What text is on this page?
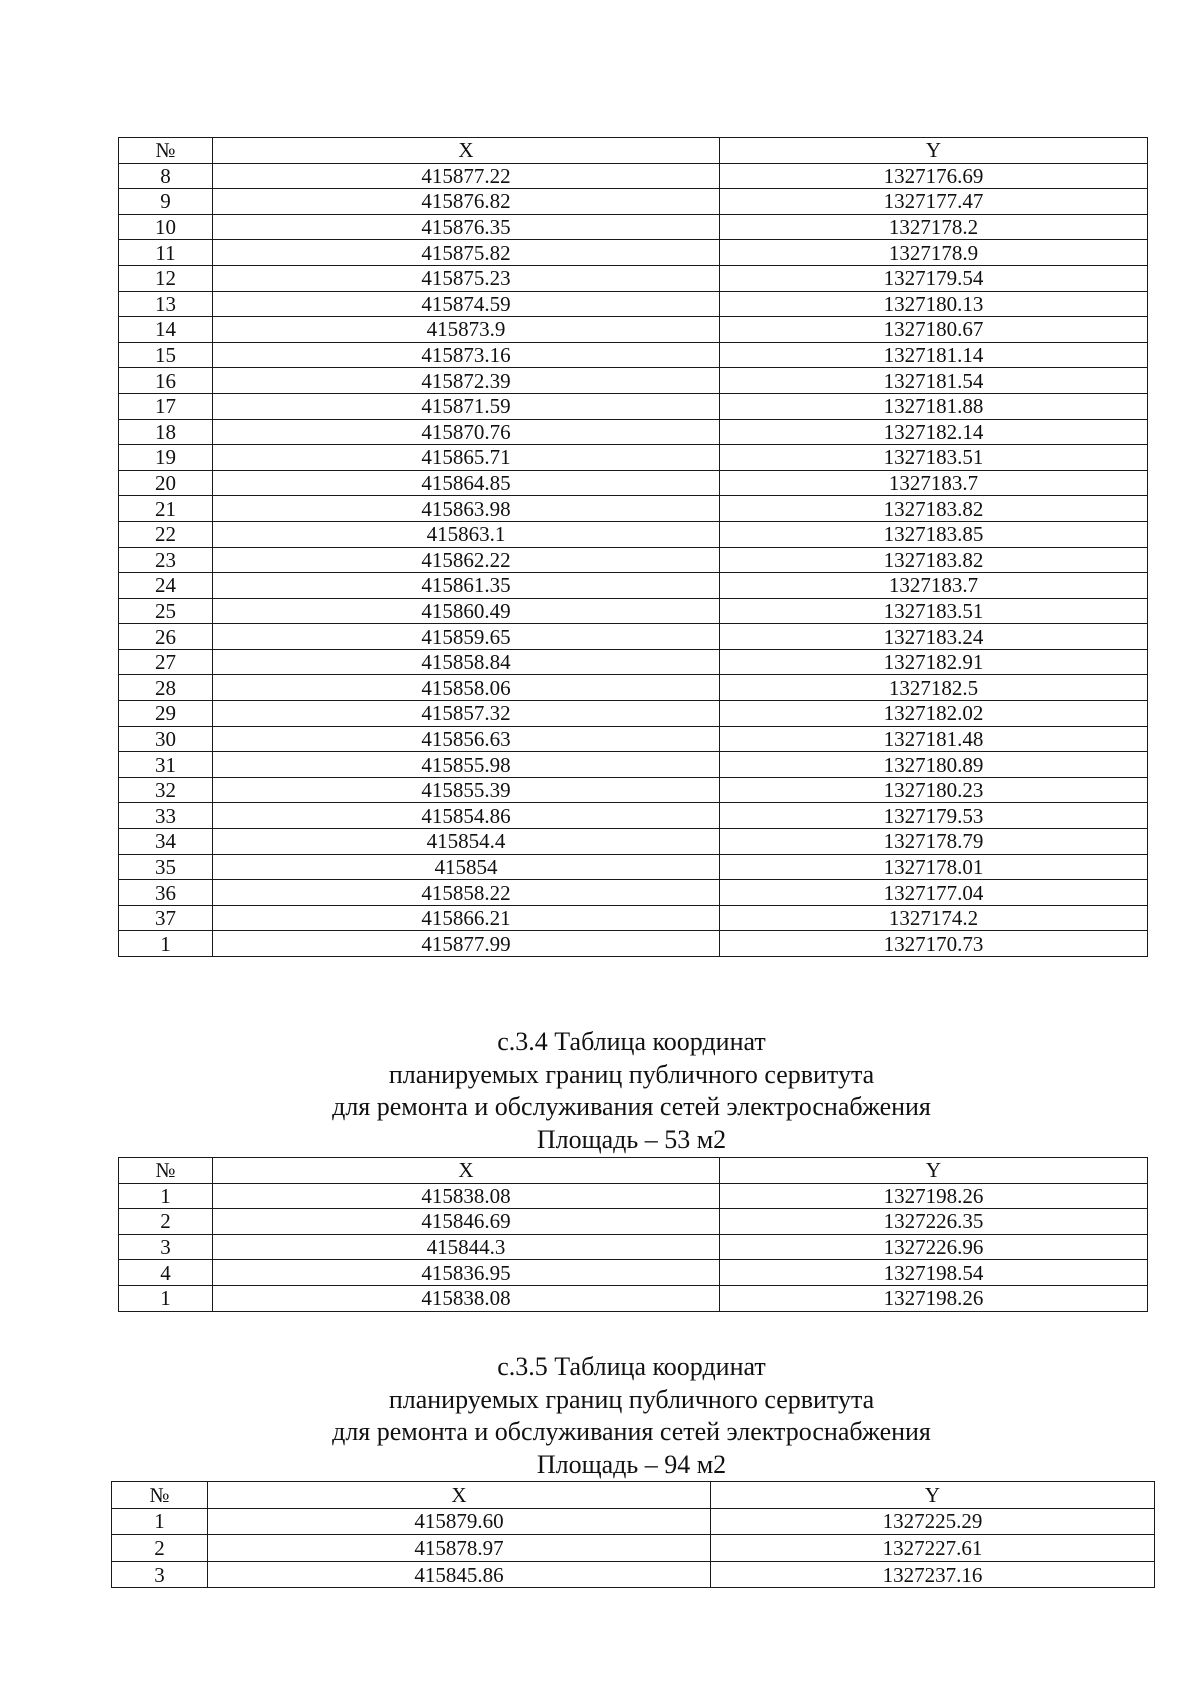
№	X	Y
8	415877.22	1327176.69
9	415876.82	1327177.47
10	415876.35	1327178.2
11	415875.82	1327178.9
12	415875.23	1327179.54
13	415874.59	1327180.13
14	415873.9	1327180.67
15	415873.16	1327181.14
16	415872.39	1327181.54
17	415871.59	1327181.88
18	415870.76	1327182.14
19	415865.71	1327183.51
20	415864.85	1327183.7
21	415863.98	1327183.82
22	415863.1	1327183.85
23	415862.22	1327183.82
24	415861.35	1327183.7
25	415860.49	1327183.51
26	415859.65	1327183.24
27	415858.84	1327182.91
28	415858.06	1327182.5
29	415857.32	1327182.02
30	415856.63	1327181.48
31	415855.98	1327180.89
32	415855.39	1327180.23
33	415854.86	1327179.53
34	415854.4	1327178.79
35	415854	1327178.01
36	415858.22	1327177.04
37	415866.21	1327174.2
1	415877.99	1327170.73
с.3.4 Таблица координат
планируемых границ публичного сервитута
для ремонта и обслуживания сетей электроснабжения
Площадь – 53 м2
№	X	Y
1	415838.08	1327198.26
2	415846.69	1327226.35
3	415844.3	1327226.96
4	415836.95	1327198.54
1	415838.08	1327198.26
с.3.5 Таблица координат
планируемых границ публичного сервитута
для ремонта и обслуживания сетей электроснабжения
Площадь – 94 м2
№	X	Y
1	415879.60	1327225.29
2	415878.97	1327227.61
3	415845.86	1327237.16
